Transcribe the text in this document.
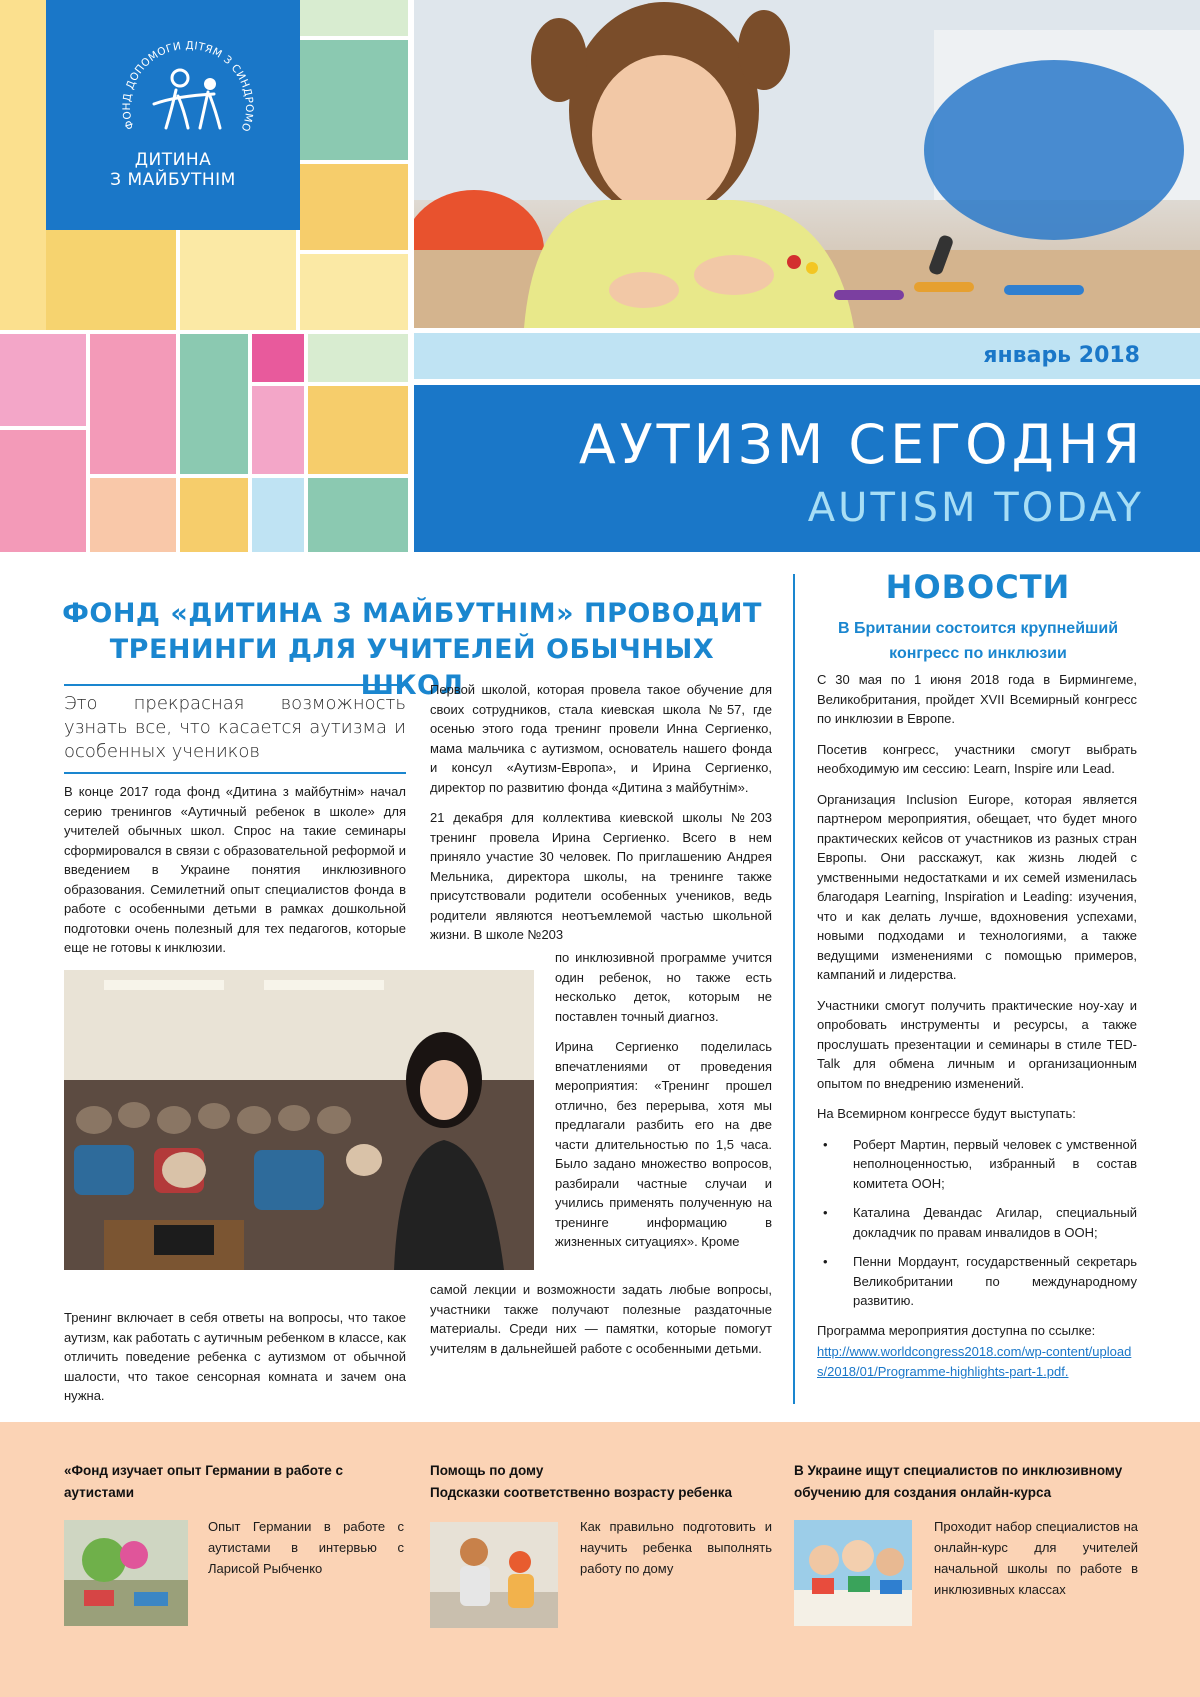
ФОНД ДОПОМОГИ ДІТЯМ З СИНДРОМО
ДИТИНА
З МАЙБУТНІМ
январь 2018
АУТИЗМ СЕГОДНЯ
AUTISM TODAY
ФОНД «ДИТИНА З МАЙБУТНІМ» ПРОВОДИТ
ТРЕНИНГИ ДЛЯ УЧИТЕЛЕЙ ОБЫЧНЫХ ШКОЛ
Это прекрасная возможность узнать все, что касается аутизма и особенных учеников

В конце 2017 года фонд «Дитина з майбутнім» начал серию тренингов «Аутичный ребенок в школе» для учителей обычных школ. Спрос на такие семинары сформировался в связи с образовательной реформой и введением в Украине понятия инклюзивного образования. Семилетний опыт специалистов фонда в работе с особенными детьми в рамках дошкольной подготовки очень полезный для тех педагогов, которые еще не готовы к инклюзии.

Тренинг включает в себя ответы на вопросы, что такое аутизм, как работать с аутичным ребенком в классе, как отличить поведение ребенка с аутизмом от обычной шалости, что такое сенсорная комната и зачем она нужна.

Первой школой, которая провела такое обучение для своих сотрудников, стала киевская школа №57, где осенью этого года тренинг провели Инна Сергиенко, мама мальчика с аутизмом, основатель нашего фонда и консул «Аутизм-Европа», и Ирина Сергиенко, директор по развитию фонда «Дитина з майбутнім».

21 декабря для коллектива киевской школы №203 тренинг провела Ирина Сергиенко. Всего в нем приняло участие 30 человек. По приглашению Андрея Мельника, директора школы, на тренинге также присутствовали родители особенных учеников, ведь родители являются неотъемлемой частью школьной жизни. В школе №203

по инклюзивной программе учится один ребенок, но также есть несколько деток, которым не поставлен точный диагноз.

Ирина Сергиенко поделилась впечатлениями от проведения мероприятия: «Тренинг прошел отлично, без перерыва, хотя мы предлагали разбить его на две части длительностью по 1,5 часа. Было задано множество вопросов, разбирали частные случаи и учились применять полученную на тренинге информацию в жизненных ситуациях». Кроме

самой лекции и возможности задать любые вопросы, участники также получают полезные раздаточные материалы. Среди них — памятки, которые помогут учителям в дальнейшей работе с особенными детьми.

НОВОСТИ
В Британии состоится крупнейший
конгресс по инклюзии

С 30 мая по 1 июня 2018 года в Бирмингеме, Великобритания, пройдет XVII Всемирный конгресс по инклюзии в Европе.

Посетив конгресс, участники смогут выбрать необходимую им сессию: Learn, Inspire или Lead.

Организация Inclusion Europe, которая является партнером мероприятия, обещает, что будет много практических кейсов от участников из разных стран Европы. Они расскажут, как жизнь людей с умственными недостатками и их семей изменилась благодаря Learning, Inspiration и Leading: изучения, что и как делать лучше, вдохновения успехами, новыми подходами и технологиями, а также ведущими изменениями с помощью примеров, кампаний и лидерства.

Участники смогут получить практические ноу-хау и опробовать инструменты и ресурсы, а также прослушать презентации и семинары в стиле TED-Talk для обмена личным и организационным опытом по внедрению изменений.

На Всемирном конгрессе будут выступать:

• Роберт Мартин, первый человек с умственной неполноценностью, избранный в состав комитета ООН;
• Каталина Девандас Агилар, специальный докладчик по правам инвалидов в ООН;
• Пенни Мордаунт, государственный секретарь Великобритании по международному развитию.

Программа мероприятия доступна по ссылке:

http://www.worldcongress2018.com/wp-content/uploads/2018/01/Programme-highlights-part-1.pdf.
«Фонд изучает опыт Германии в работе с аутистами
Опыт Германии в работе с аутистами в интервью с Ларисой Рыбченко
Помощь по дому
Подсказки соответственно возрасту ребенка
Как правильно подготовить и научить ребенка выполнять работу по дому
В Украине ищут специалистов по инклюзивному
обучению для создания онлайн-курса
Проходит набор специалистов на онлайн-курс для учителей начальной школы по работе в инклюзивных классах
